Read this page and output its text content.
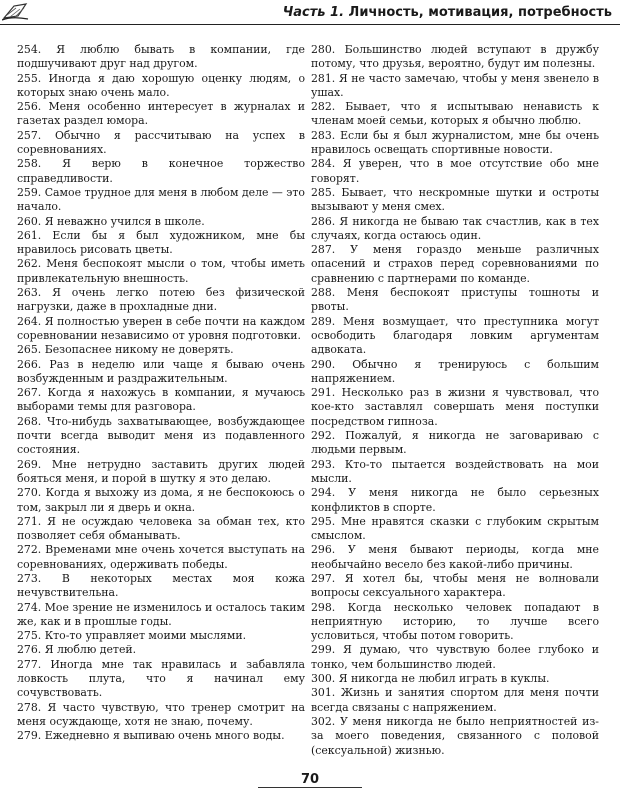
Часть 1. Личность, мотивация, потребность

254. Я люблю бывать в компании, где подшучивают друг над другом.

255. Иногда я даю хорошую оценку людям, о которых знаю очень мало.

256. Меня особенно интересует в журналах и газетах раздел юмора.

257. Обычно я рассчитываю на успех в соревнованиях.

258. Я верю в конечное торжество справедливости.

259. Самое трудное для меня в любом деле — это начало.

260. Я неважно учился в школе.

261. Если бы я был художником, мне бы нравилось рисовать цветы.

262. Меня беспокоят мысли о том, чтобы иметь привлекательную внешность.

263. Я очень легко потею без физической нагрузки, даже в прохладные дни.

264. Я полностью уверен в себе почти на каждом соревновании независимо от уровня подготовки.

265. Безопаснее никому не доверять.

266. Раз в неделю или чаще я бываю очень возбужденным и раздражительным.

267. Когда я нахожусь в компании, я мучаюсь выборами темы для разговора.

268. Что-нибудь захватывающее, возбуждающее почти всегда выводит меня из подавленного состояния.

269. Мне нетрудно заставить других людей бояться меня, и порой в шутку я это делаю.

270. Когда я выхожу из дома, я не беспокоюсь о том, закрыл ли я дверь и окна.

271. Я не осуждаю человека за обман тех, кто позволяет себя обманывать.

272. Временами мне очень хочется выступать на соревнованиях, одерживать победы.

273. В некоторых местах моя кожа нечувствительна.

274. Мое зрение не изменилось и осталось таким же, как и в прошлые годы.

275. Кто-то управляет моими мыслями.

276. Я люблю детей.

277. Иногда мне так нравилась и забавляла ловкость плута, что я начинал ему сочувствовать.

278. Я часто чувствую, что тренер смотрит на меня осуждающе, хотя не знаю, почему.

279. Ежедневно я выпиваю очень много воды.

280. Большинство людей вступают в дружбу потому, что друзья, вероятно, будут им полезны.

281. Я не часто замечаю, чтобы у меня звенело в ушах.

282. Бывает, что я испытываю ненависть к членам моей семьи, которых я обычно люблю.

283. Если бы я был журналистом, мне бы очень нравилось освещать спортивные новости.

284. Я уверен, что в мое отсутствие обо мне говорят.

285. Бывает, что нескромные шутки и остроты вызывают у меня смех.

286. Я никогда не бываю так счастлив, как в тех случаях, когда остаюсь один.

287. У меня гораздо меньше различных опасений и страхов перед соревнованиями по сравнению с партнерами по команде.

288. Меня беспокоят приступы тошноты и рвоты.

289. Меня возмущает, что преступника могут освободить благодаря ловким аргументам адвоката.

290. Обычно я тренируюсь с большим напряжением.

291. Несколько раз в жизни я чувствовал, что кое-кто заставлял совершать меня поступки посредством гипноза.

292. Пожалуй, я никогда не заговариваю с людьми первым.

293. Кто-то пытается воздействовать на мои мысли.

294. У меня никогда не было серьезных конфликтов в спорте.

295. Мне нравятся сказки с глубоким скрытым смыслом.

296. У меня бывают периоды, когда мне необычайно весело без какой-либо причины.

297. Я хотел бы, чтобы меня не волновали вопросы сексуального характера.

298. Когда несколько человек попадают в неприятную историю, то лучше всего условиться, чтобы потом говорить.

299. Я думаю, что чувствую более глубоко и тонко, чем большинство людей.

300. Я никогда не любил играть в куклы.

301. Жизнь и занятия спортом для меня почти всегда связаны с напряжением.

302. У меня никогда не было неприятностей из-за моего поведения, связанного с половой (сексуальной) жизнью.

70
